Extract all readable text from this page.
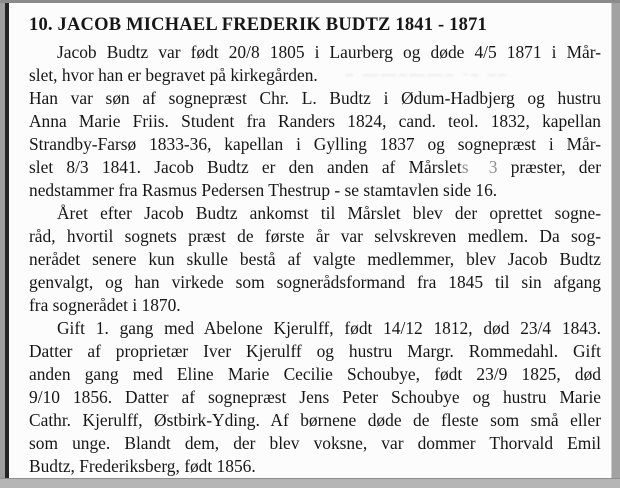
10. JACOB MICHAEL FREDERIK BUDTZ 1841 - 1871
Jacob Budtz var født 20/8 1805 i Laurberg og døde 4/5 1871 i Mår-
slet, hvor han er begravet på kirkegården. – ——–——– ·– ––
Han var søn af sognepræst Chr. L. Budtz i Ødum-Hadbjerg og hustru
Anna Marie Friis. Student fra Randers 1824, cand. teol. 1832, kapellan
Strandby-Farsø 1833-36, kapellan i Gylling 1837 og sognepræst i Mår-
slet 8/3 1841. Jacob Budtz er den anden af Mårslets 3 præster, der
nedstammer fra Rasmus Pedersen Thestrup - se stamtavlen side 16.
Året efter Jacob Budtz ankomst til Mårslet blev der oprettet sogne-
råd, hvortil sognets præst de første år var selvskreven medlem. Da sog-
nerådet senere kun skulle bestå af valgte medlemmer, blev Jacob Budtz
genvalgt, og han virkede som sognerådsformand fra 1845 til sin afgang
fra sognerådet i 1870.
Gift 1. gang med Abelone Kjerulff, født 14/12 1812, død 23/4 1843.
Datter af proprietær Iver Kjerulff og hustru Margr. Rommedahl. Gift
anden gang med Eline Marie Cecilie Schoubye, født 23/9 1825, død
9/10 1856. Datter af sognepræst Jens Peter Schoubye og hustru Marie
Cathr. Kjerulff, Østbirk-Yding. Af børnene døde de fleste som små eller
som unge. Blandt dem, der blev voksne, var dommer Thorvald Emil
Budtz, Frederiksberg, født 1856.
